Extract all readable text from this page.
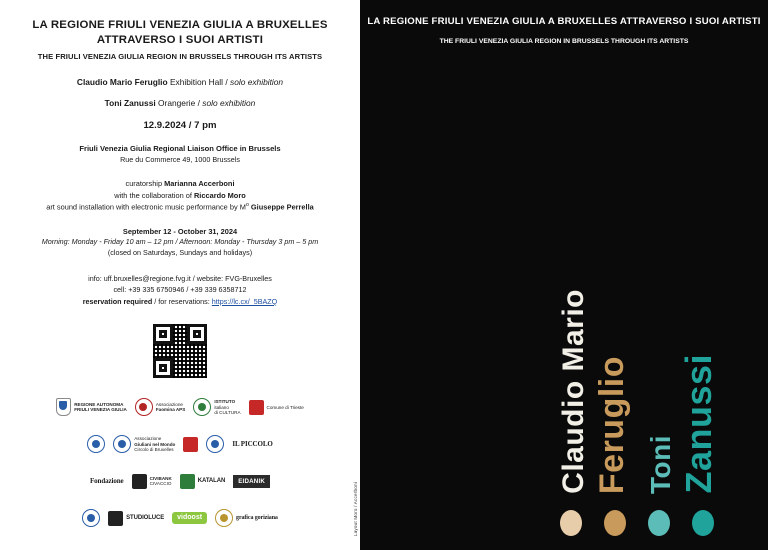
LA REGIONE FRIULI VENEZIA GIULIA A BRUXELLES ATTRAVERSO I SUOI ARTISTI
THE FRIULI VENEZIA GIULIA REGION IN BRUSSELS THROUGH ITS ARTISTS
Claudio Mario Feruglio Exhibition Hall / solo exhibition
Toni Zanussi Orangerie / solo exhibition
12.9.2024 / 7 pm
Friuli Venezia Giulia Regional Liaison Office in Brussels
Rue du Commerce 49, 1000 Brussels
curatorship Marianna Accerboni
with the collaboration of Riccardo Moro
art sound installation with electronic music performance by $M^o$ Giuseppe Perrella
September 12 - October 31, 2024
Morning: Monday - Friday 10 am – 12 pm / Afternoon: Monday - Thursday 3 pm – 5 pm
(closed on Saturdays, Sundays and holidays)
info: uff.bruxelles@regione.fvg.it / website: FVG-Bruxelles
cell: +39 335 6750946 / +39 339 6358712
reservation required / for reservations: https://lc.cx/_5BAZQ
REGIONE AUTONOMA
FRIULI VENEZIA GIULIA
Associazione
Faomina APS
ISTITUTO
italiano
di CULTURA
Comune di Trieste
Associazione
Giuliani nel Mondo
Circolo di Bruxelles
IL PICCOLO
Fondazione	CIVIBANK
CIVACCIO	KATALAN	EIDANIK
STUDIOLUCE	vidoost	grafica goriziana	Layout Moro / Accerboni
LA REGIONE FRIULI VENEZIA GIULIA A BRUXELLES ATTRAVERSO I SUOI ARTISTI
THE FRIULI VENEZIA GIULIA REGION IN BRUSSELS THROUGH ITS ARTISTS
Claudio Mario Feruglio Toni Zanussi
